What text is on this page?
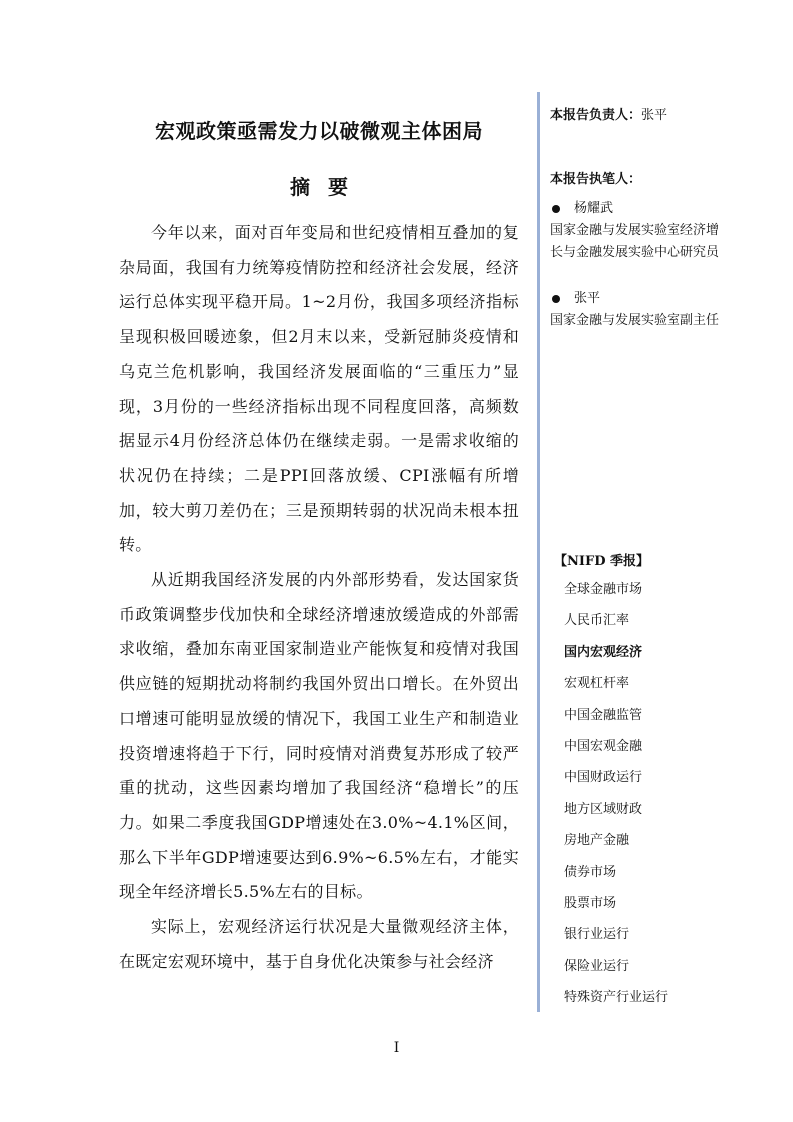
宏观政策亟需发力以破微观主体困局
摘要

今年以来，面对百年变局和世纪疫情相互叠加的复杂局面，我国有力统筹疫情防控和经济社会发展，经济运行总体实现平稳开局。1~2月份，我国多项经济指标呈现积极回暖迹象，但2月末以来，受新冠肺炎疫情和乌克兰危机影响，我国经济发展面临的“三重压力”显现，3月份的一些经济指标出现不同程度回落，高频数据显示4月份经济总体仍在继续走弱。一是需求收缩的状况仍在持续；二是PPI回落放缓、CPI涨幅有所增加，较大剪刀差仍在；三是预期转弱的状况尚未根本扭转。

从近期我国经济发展的内外部形势看，发达国家货币政策调整步伐加快和全球经济增速放缓造成的外部需求收缩，叠加东南亚国家制造业产能恢复和疫情对我国供应链的短期扰动将制约我国外贸出口增长。在外贸出口增速可能明显放缓的情况下，我国工业生产和制造业投资增速将趋于下行，同时疫情对消费复苏形成了较严重的扰动，这些因素均增加了我国经济“稳增长”的压力。如果二季度我国GDP增速处在3.0%~4.1%区间，那么下半年GDP增速要达到6.9%~6.5%左右，才能实现全年经济增长5.5%左右的目标。

实际上，宏观经济运行状况是大量微观经济主体，在既定宏观环境中，基于自身优化决策参与社会经济

本报告负责人：张平
本报告执笔人：
杨耀武
国家金融与发展实验室经济增长与金融发展实验中心研究员
张平
国家金融与发展实验室副主任
【NIFD 季报】
全球金融市场
人民币汇率
国内宏观经济
宏观杠杆率
中国金融监管
中国宏观金融
中国财政运行
地方区域财政
房地产金融
债券市场
股票市场
银行业运行
保险业运行
特殊资产行业运行
I
